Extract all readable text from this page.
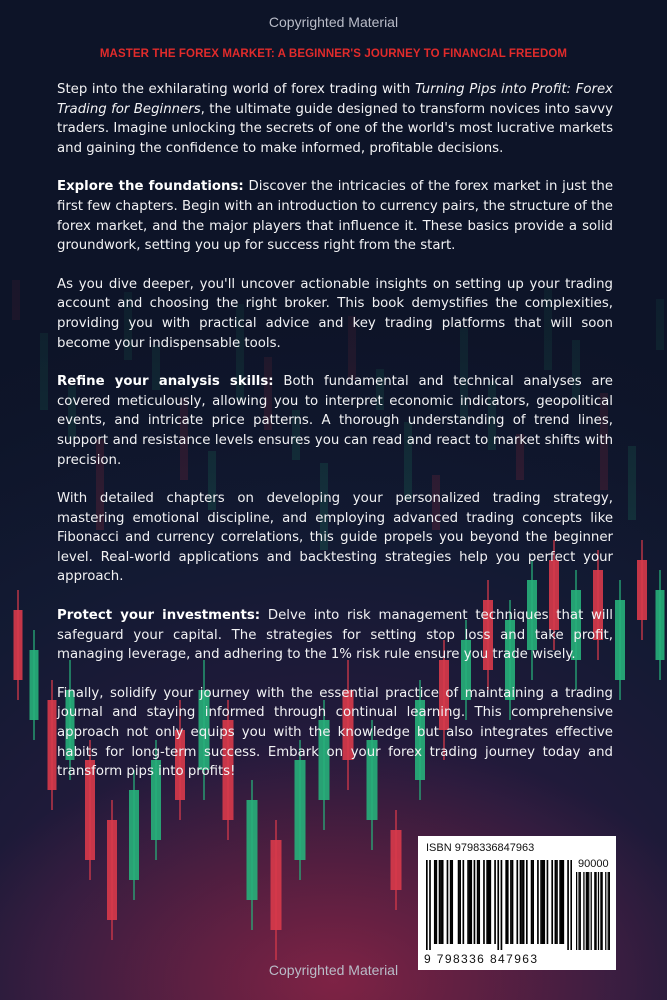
Copyrighted Material
MASTER THE FOREX MARKET: A BEGINNER'S JOURNEY TO FINANCIAL FREEDOM

Step into the exhilarating world of forex trading with Turning Pips into Profit: Forex Trading for Beginners, the ultimate guide designed to transform novices into savvy traders. Imagine unlocking the secrets of one of the world's most lucrative markets and gaining the confidence to make informed, profitable decisions.

Explore the foundations: Discover the intricacies of the forex market in just the first few chapters. Begin with an introduction to currency pairs, the structure of the forex market, and the major players that influence it. These basics provide a solid groundwork, setting you up for success right from the start.

As you dive deeper, you'll uncover actionable insights on setting up your trading account and choosing the right broker. This book demystifies the complexities, providing you with practical advice and key trading platforms that will soon become your indispensable tools.

Refine your analysis skills: Both fundamental and technical analyses are covered meticulously, allowing you to interpret economic indicators, geopolitical events, and intricate price patterns. A thorough understanding of trend lines, support and resistance levels ensures you can read and react to market shifts with precision.

With detailed chapters on developing your personalized trading strategy, mastering emotional discipline, and employing advanced trading concepts like Fibonacci and currency correlations, this guide propels you beyond the beginner level. Real-world applications and backtesting strategies help you perfect your approach.

Protect your investments: Delve into risk management techniques that will safeguard your capital. The strategies for setting stop loss and take profit, managing leverage, and adhering to the 1% risk rule ensure you trade wisely.

Finally, solidify your journey with the essential practice of maintaining a trading journal and staying informed through continual learning. This comprehensive approach not only equips you with the knowledge but also integrates effective habits for long-term success. Embark on your forex trading journey today and transform pips into profits!

ISBN 9798336847963
90000
9 798336 847963
Copyrighted Material
